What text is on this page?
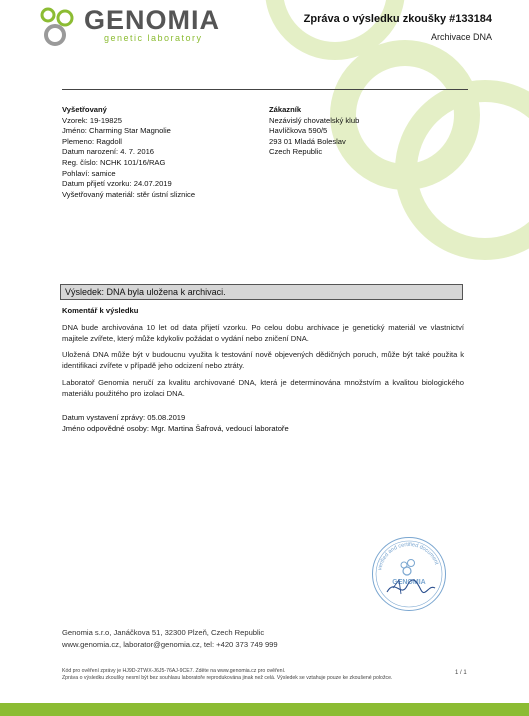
GENOMIA
genetic laboratory
Zpráva o výsledku zkoušky #133184
Archivace DNA
Vyšetřovaný
Vzorek: 19-19825
Jméno: Charming Star Magnolie
Plemeno: Ragdoll
Datum narození: 4. 7. 2016
Reg. číslo: NCHK 101/16/RAG
Pohlaví: samice
Datum přijetí vzorku: 24.07.2019
Vyšetřovaný materiál: stěr ústní sliznice
Zákazník
Nezávislý chovatelský klub
Havlíčkova 590/5
293 01 Mladá Boleslav
Czech Republic
Výsledek: DNA byla uložena k archivaci.
Komentář k výsledku
DNA bude archivována 10 let od data přijetí vzorku. Po celou dobu archivace je genetický materiál ve vlastnictví majitele zvířete, který může kdykoliv požádat o vydání nebo zničení DNA.
Uložená DNA může být v budoucnu využita k testování nově objevených dědičných poruch, může být také použita k identifikaci zvířete v případě jeho odcizení nebo ztráty.
Laboratoř Genomia neručí za kvalitu archivované DNA, která je determinována množstvím a kvalitou biologického materiálu použitého pro izolaci DNA.
Datum vystavení zprávy: 05.08.2019
Jméno odpovědné osoby: Mgr. Martina Šafrová, vedoucí laboratoře
verified and certified document
GENOMIA
Genomia s.r.o, Janáčkova 51, 32300 Plzeň, Czech Republic
www.genomia.cz, laborator@genomia.cz, tel: +420 373 749 999
Kód pro ověření zprávy je HJ9D-2TWX-J6J5-76AJ-9CE7. Zděte na www.genomia.cz pro ověření.
Zpráva o výsledku zkoušky nesmí být bez souhlasu laboratoře reprodukována jinak než celá. Výsledek se vztahuje pouze ke zkoušené položce.
1 / 1
